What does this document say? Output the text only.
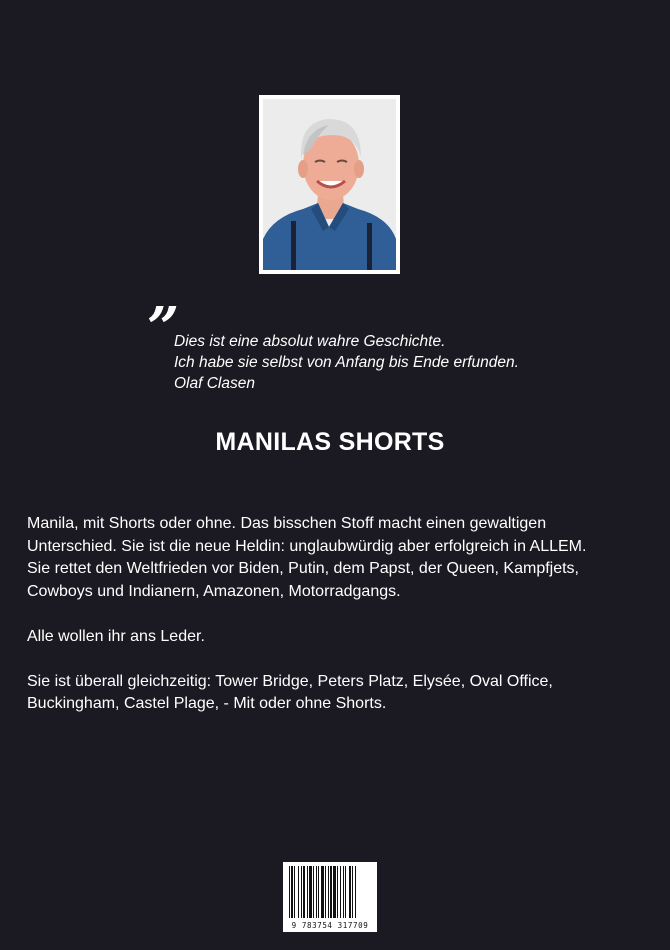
”
Dies ist eine absolut wahre Geschichte.
Ich habe sie selbst von Anfang bis Ende erfunden.
Olaf Clasen
MANILAS SHORTS
Manila, mit Shorts oder ohne. Das bisschen Stoff macht einen gewaltigen
Unterschied. Sie ist die neue Heldin: unglaubwürdig aber erfolgreich in ALLEM.
Sie rettet den Weltfrieden vor Biden, Putin, dem Papst, der Queen, Kampfjets,
Cowboys und Indianern, Amazonen, Motorradgangs.
Alle wollen ihr ans Leder.
Sie ist überall gleichzeitig: Tower Bridge, Peters Platz, Elysée, Oval Office,
Buckingham, Castel Plage, - Mit oder ohne Shorts.
9 783754 317709
